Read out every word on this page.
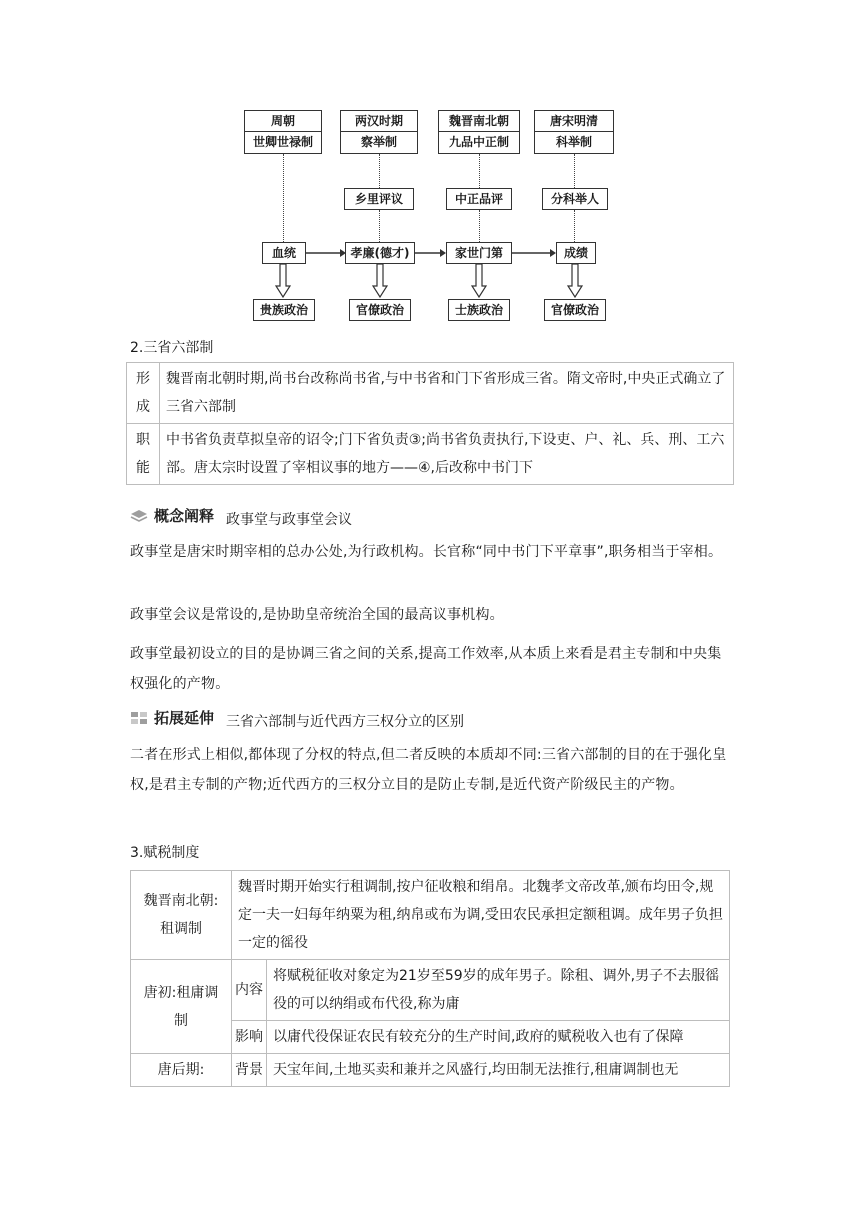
周朝
世卿世禄制
两汉时期
察举制
魏晋南北朝
九品中正制
唐宋明清
科举制
乡里评议	中正品评	分科举人
血统	孝廉(德才)	家世门第	成绩
贵族政治	官僚政治	士族政治	官僚政治
2.三省六部制
形成	魏晋南北朝时期,尚书台改称尚书省,与中书省和门下省形成三省。隋文帝时,中央正式确立了三省六部制
职能	中书省负责草拟皇帝的诏令;门下省负责③;尚书省负责执行,下设吏、户、礼、兵、刑、工六部。唐太宗时设置了宰相议事的地方——④,后改称中书门下
概念阐释 政事堂与政事堂会议
政事堂是唐宋时期宰相的总办公处,为行政机构。长官称“同中书门下平章事”,职务相当于宰相。
政事堂会议是常设的,是协助皇帝统治全国的最高议事机构。
政事堂最初设立的目的是协调三省之间的关系,提高工作效率,从本质上来看是君主专制和中央集权强化的产物。
拓展延伸 三省六部制与近代西方三权分立的区别
二者在形式上相似,都体现了分权的特点,但二者反映的本质却不同:三省六部制的目的在于强化皇权,是君主专制的产物;近代西方的三权分立目的是防止专制,是近代资产阶级民主的产物。
3.赋税制度
魏晋南北朝:租调制	魏晋时期开始实行租调制,按户征收粮和绢帛。北魏孝文帝改革,颁布均田令,规定一夫一妇每年纳粟为租,纳帛或布为调,受田农民承担定额租调。成年男子负担一定的徭役	
唐初:租庸调制	内容	将赋税征收对象定为21岁至59岁的成年男子。除租、调外,男子不去服徭役的可以纳绢或布代役,称为庸
	影响	以庸代役保证农民有较充分的生产时间,政府的赋税收入也有了保障
唐后期:	背景	天宝年间,土地买卖和兼并之风盛行,均田制无法推行,租庸调制也无
